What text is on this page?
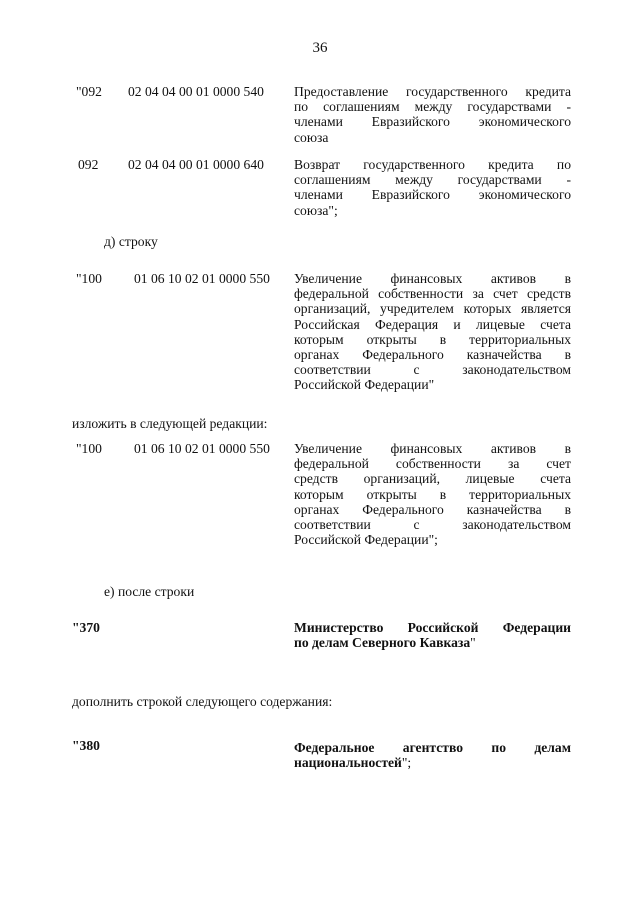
36
"092 02 04 04 00 01 0000 540 Предоставление государственного кредита
по соглашениям между государствами -
членами Евразийского экономического
союза
092 02 04 04 00 01 0000 640 Возврат государственного кредита по
соглашениям между государствами -
членами Евразийского экономического
союза";
д) строку
"100 01 06 10 02 01 0000 550 Увеличение финансовых активов в
федеральной собственности за счет средств
организаций, учредителем которых является
Российская Федерация и лицевые счета
которым открыты в территориальных
органах Федерального казначейства в
соответствии с законодательством
Российской Федерации"
изложить в следующей редакции:
"100 01 06 10 02 01 0000 550 Увеличение финансовых активов в
федеральной собственности за счет
средств организаций, лицевые счета
которым открыты в территориальных
органах Федерального казначейства в
соответствии с законодательством
Российской Федерации";
е) после строки
"370	Министерство Российской Федерации
по делам Северного Кавказа"
дополнить строкой следующего содержания:
"380	Федеральное агентство по делам
национальностей";
